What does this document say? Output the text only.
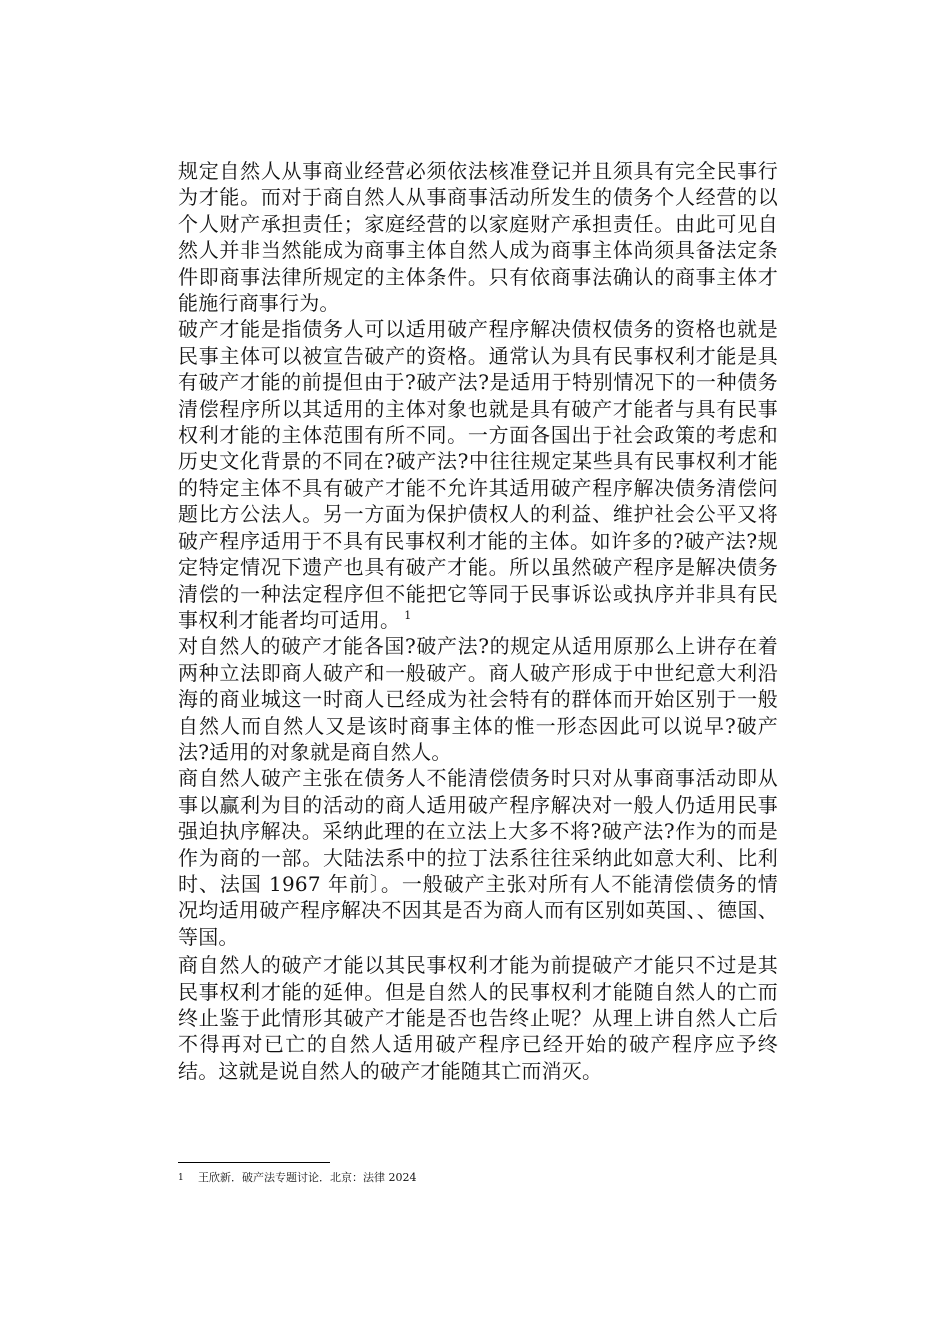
规定自然人从事商业经营必须依法核准登记并且须具有完全民事行为才能。而对于商自然人从事商事活动所发生的债务个人经营的以个人财产承担责任；家庭经营的以家庭财产承担责任。由此可见自然人并非当然能成为商事主体自然人成为商事主体尚须具备法定条件即商事法律所规定的主体条件。只有依商事法确认的商事主体才能施行商事行为。

破产才能是指债务人可以适用破产程序解决债权债务的资格也就是民事主体可以被宣告破产的资格。通常认为具有民事权利才能是具有破产才能的前提但由于?破产法?是适用于特别情况下的一种债务清偿程序所以其适用的主体对象也就是具有破产才能者与具有民事权利才能的主体范围有所不同。一方面各国出于社会政策的考虑和历史文化背景的不同在?破产法?中往往规定某些具有民事权利才能的特定主体不具有破产才能不允许其适用破产程序解决债务清偿问题比方公法人。另一方面为保护债权人的利益、维护社会公平又将破产程序适用于不具有民事权利才能的主体。如许多的?破产法?规定特定情况下遗产也具有破产才能。所以虽然破产程序是解决债务清偿的一种法定程序但不能把它等同于民事诉讼或执序并非具有民事权利才能者均可适用。 $^1$

对自然人的破产才能各国?破产法?的规定从适用原那么上讲存在着两种立法即商人破产和一般破产。商人破产形成于中世纪意大利沿海的商业城这一时商人已经成为社会特有的群体而开始区别于一般自然人而自然人又是该时商事主体的惟一形态因此可以说早?破产法?适用的对象就是商自然人。

商自然人破产主张在债务人不能清偿债务时只对从事商事活动即从事以赢利为目的活动的商人适用破产程序解决对一般人仍适用民事强迫执序解决。采纳此理的在立法上大多不将?破产法?作为的而是作为商的一部。大陆法系中的拉丁法系往往采纳此如意大利、比利时、法国 1967 年前〕。一般破产主张对所有人不能清偿债务的情况均适用破产程序解决不因其是否为商人而有区别如英国、、德国、等国。

商自然人的破产才能以其民事权利才能为前提破产才能只不过是其民事权利才能的延伸。但是自然人的民事权利才能随自然人的亡而终止鉴于此情形其破产才能是否也告终止呢？从理上讲自然人亡后不得再对已亡的自然人适用破产程序已经开始的破产程序应予终结。这就是说自然人的破产才能随其亡而消灭。

1 王欣新．破产法专题讨论．北京：法律 2024
